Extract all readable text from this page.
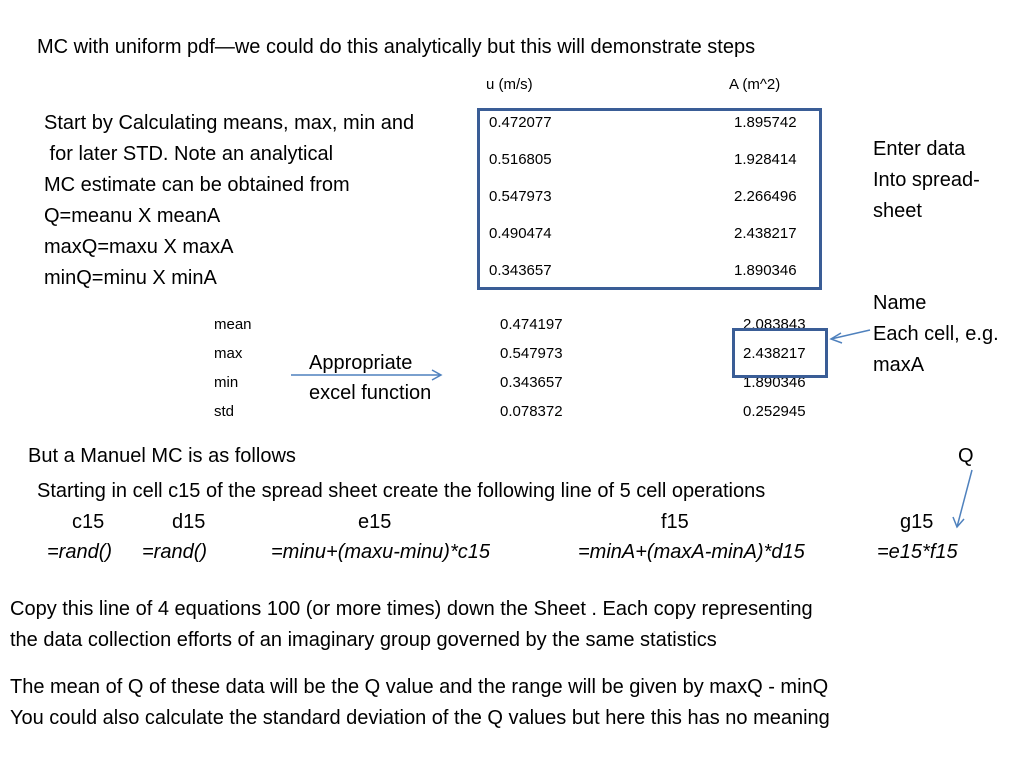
MC with uniform pdf—we could do this analytically but this will demonstrate steps
Start by Calculating means, max, min and
for later STD. Note an analytical
MC estimate can be obtained from
Q=meanu X meanA
maxQ=maxu X maxA
minQ=minu X minA
u (m/s)	A (m^2)
0.472077	1.895742
0.516805	1.928414
0.547973	2.266496
0.490474	2.438217
0.343657	1.890346
Enter data
Into spread-
sheet
Name
Each cell, e.g.
maxA
mean	0.474197	2.083843
max	0.547973	2.438217
min	0.343657	1.890346
std	0.078372	0.252945
Appropriate
excel function
But a Manuel MC is as follows	Q
Starting in cell c15 of the spread sheet create the following line of 5 cell operations
c15	d15	e15	f15	g15
=rand() =rand()	=minu+(maxu-minu)*c15	=minA+(maxA-minA)*d15	=e15*f15
Copy this line of 4 equations 100 (or more times) down the Sheet . Each copy representing
the data collection efforts of an imaginary group governed by the same statistics
The mean of Q of these data will be the Q value and the range will be given by maxQ - minQ
You could also calculate the standard deviation of the Q values but here this has no meaning
